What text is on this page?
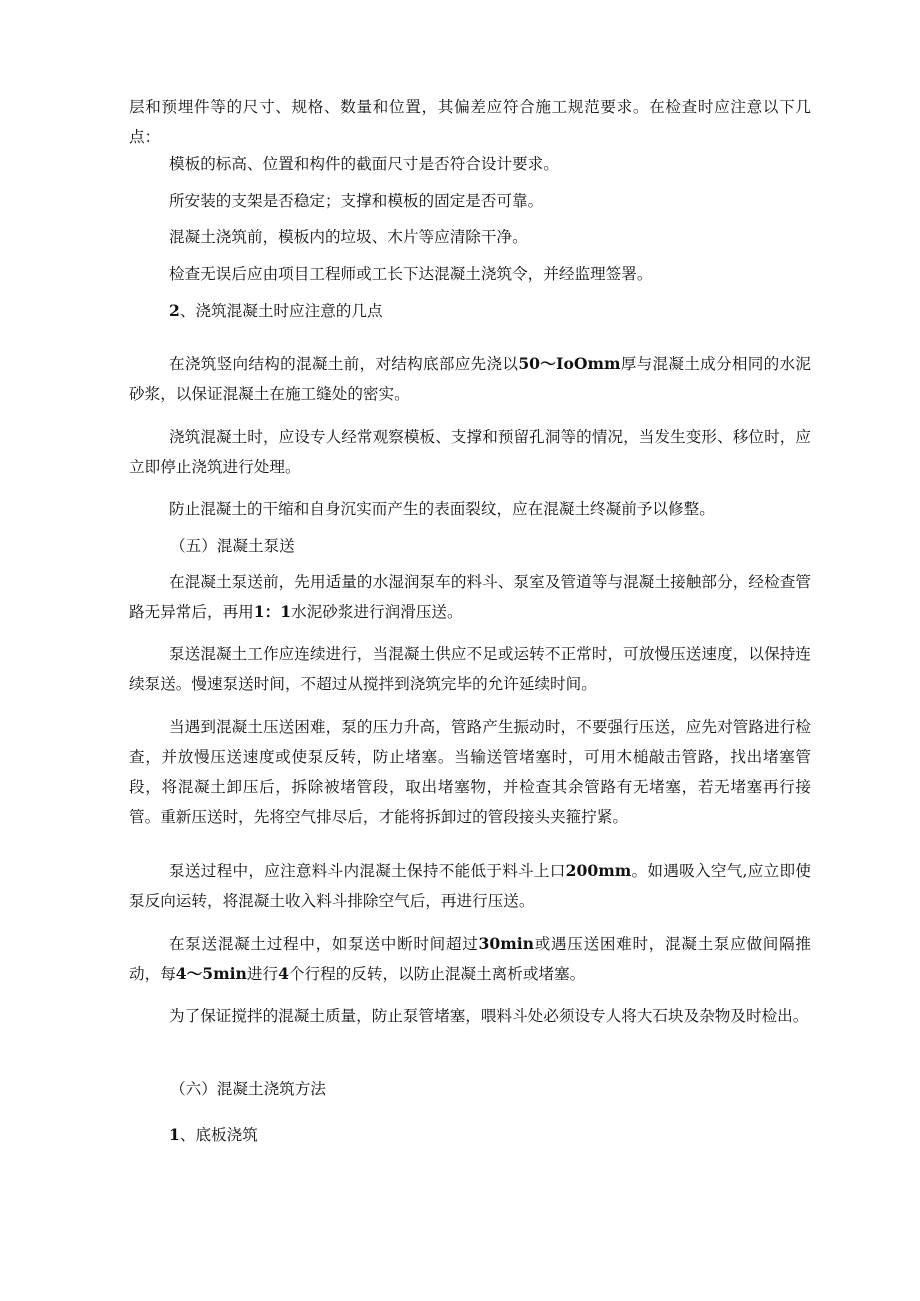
层和预埋件等的尺寸、规格、数量和位置，其偏差应符合施工规范要求。在检查时应注意以下几点：

模板的标高、位置和构件的截面尺寸是否符合设计要求。

所安装的支架是否稳定；支撑和模板的固定是否可靠。

混凝土浇筑前，模板内的垃圾、木片等应清除干净。

检查无误后应由项目工程师或工长下达混凝土浇筑令，并经监理签署。

2、浇筑混凝土时应注意的几点

在浇筑竖向结构的混凝土前，对结构底部应先浇以50～IoOmm厚与混凝土成分相同的水泥砂浆，以保证混凝土在施工缝处的密实。

浇筑混凝土时，应设专人经常观察模板、支撑和预留孔洞等的情况，当发生变形、移位时，应立即停止浇筑进行处理。

防止混凝土的干缩和自身沉实而产生的表面裂纹，应在混凝土终凝前予以修整。

（五）混凝土泵送

在混凝土泵送前，先用适量的水湿润泵车的料斗、泵室及管道等与混凝土接触部分，经检查管路无异常后，再用1：1水泥砂浆进行润滑压送。

泵送混凝土工作应连续进行，当混凝土供应不足或运转不正常时，可放慢压送速度，以保持连续泵送。慢速泵送时间，不超过从搅拌到浇筑完毕的允许延续时间。

当遇到混凝土压送困难，泵的压力升高，管路产生振动时，不要强行压送，应先对管路进行检查，并放慢压送速度或使泵反转，防止堵塞。当输送管堵塞时，可用木槌敲击管路，找出堵塞管段，将混凝土卸压后，拆除被堵管段，取出堵塞物，并检查其余管路有无堵塞，若无堵塞再行接管。重新压送时，先将空气排尽后，才能将拆卸过的管段接头夹箍拧紧。

泵送过程中，应注意料斗内混凝土保持不能低于料斗上口200mm。如遇吸入空气,应立即使泵反向运转，将混凝土收入料斗排除空气后，再进行压送。

在泵送混凝土过程中，如泵送中断时间超过30min或遇压送困难时，混凝土泵应做间隔推动，每4～5min进行4个行程的反转，以防止混凝土离析或堵塞。

为了保证搅拌的混凝土质量，防止泵管堵塞，喂料斗处必须设专人将大石块及杂物及时检出。

（六）混凝土浇筑方法

1、底板浇筑
